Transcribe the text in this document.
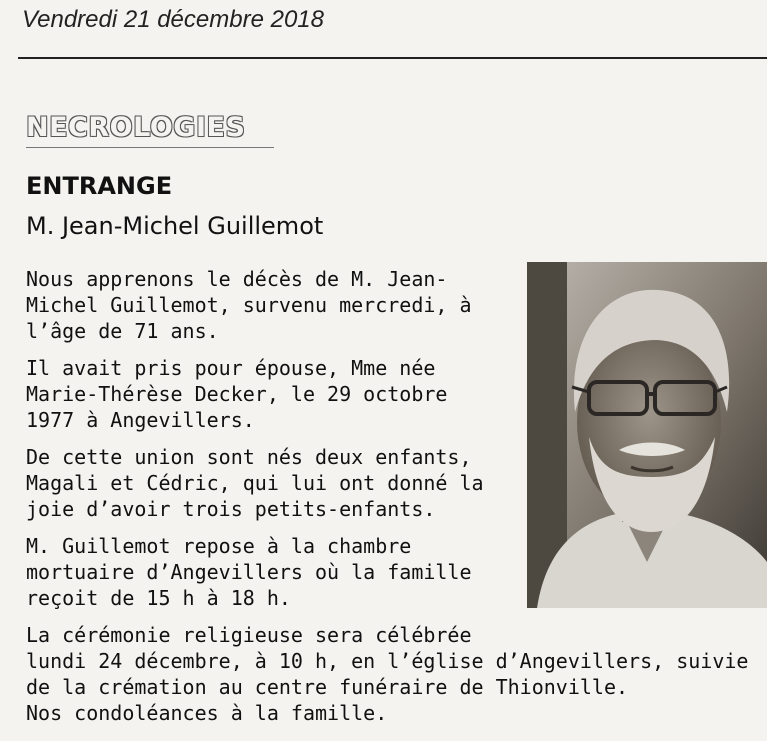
Vendredi 21 décembre 2018
NECROLOGIES
ENTRANGE
M. Jean-Michel Guillemot

Nous apprenons le décès de M. Jean-

Michel Guillemot, survenu mercredi, à

l’âge de 71 ans.

Il avait pris pour épouse, Mme née

Marie-Thérèse Decker, le 29 octobre

1977 à Angevillers.

De cette union sont nés deux enfants,

Magali et Cédric, qui lui ont donné la

joie d’avoir trois petits-enfants.

M. Guillemot repose à la chambre

mortuaire d’Angevillers où la famille

reçoit de 15 h à 18 h.

La cérémonie religieuse sera célébrée

lundi 24 décembre, à 10 h, en l’église d’Angevillers, suivie

de la crémation au centre funéraire de Thionville.

Nos condoléances à la famille.
